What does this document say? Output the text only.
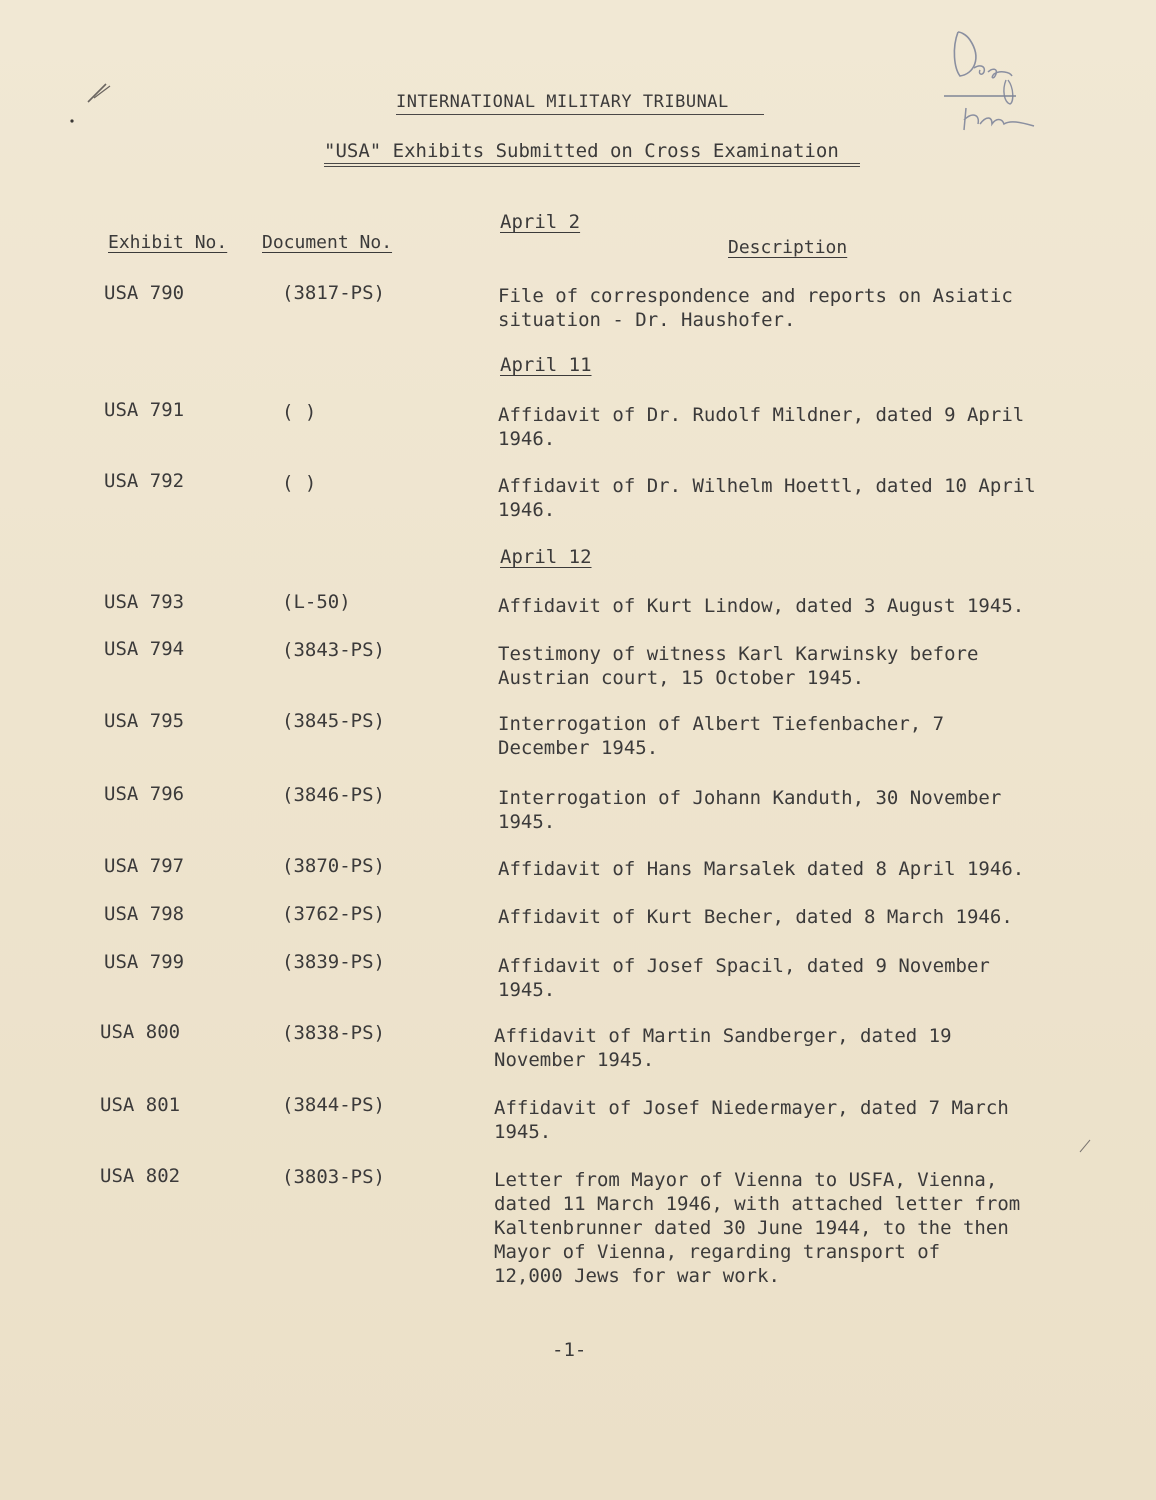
INTERNATIONAL MILITARY TRIBUNAL
"USA" Exhibits Submitted on Cross Examination
Exhibit No. Document No.
April 2
Description
USA 790	(3817-PS)	File of correspondence and reports on Asiatic
situation - Dr. Haushofer.
April 11
USA 791	( )	Affidavit of Dr. Rudolf Mildner, dated 9 April
1946.
USA 792	( )	Affidavit of Dr. Wilhelm Hoettl, dated 10 April
1946.
April 12
USA 793	(L-50)	Affidavit of Kurt Lindow, dated 3 August 1945.
USA 794	(3843-PS)	Testimony of witness Karl Karwinsky before
Austrian court, 15 October 1945.
USA 795	(3845-PS)	Interrogation of Albert Tiefenbacher, 7
December 1945.
USA 796	(3846-PS)	Interrogation of Johann Kanduth, 30 November
1945.
USA 797	(3870-PS)	Affidavit of Hans Marsalek dated 8 April 1946.
USA 798	(3762-PS)	Affidavit of Kurt Becher, dated 8 March 1946.
USA 799	(3839-PS)	Affidavit of Josef Spacil, dated 9 November
1945.
USA 800	(3838-PS)	Affidavit of Martin Sandberger, dated 19
November 1945.
USA 801	(3844-PS)	Affidavit of Josef Niedermayer, dated 7 March
1945.
USA 802	(3803-PS)	Letter from Mayor of Vienna to USFA, Vienna,
dated 11 March 1946, with attached letter from
Kaltenbrunner dated 30 June 1944, to the then
Mayor of Vienna, regarding transport of
12,000 Jews for war work.
-1-
